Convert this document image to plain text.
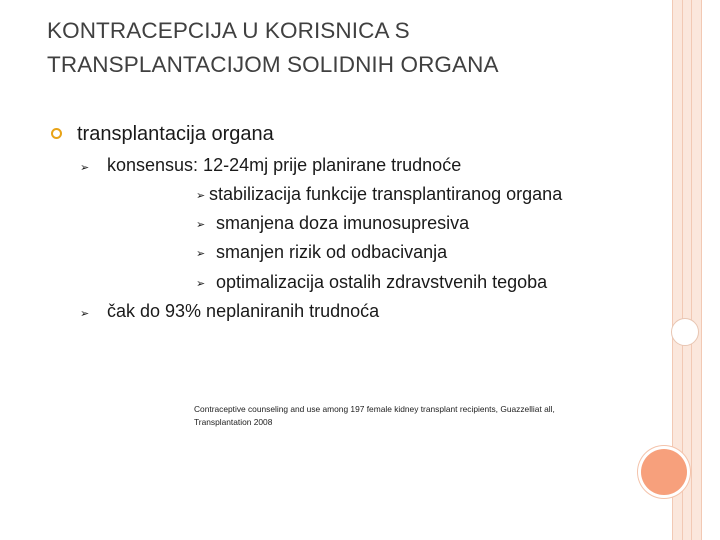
KONTRACEPCIJA U KORISNICA S
TRANSPLANTACIJOM SOLIDNIH ORGANA
transplantacija organa
➢ konsensus: 12-24mj prije planirane trudnoće
➢ stabilizacija funkcije transplantiranog organa
➢ smanjena doza imunosupresiva
➢ smanjen rizik od odbacivanja
➢ optimalizacija ostalih zdravstvenih tegoba
➢ čak do 93% neplaniranih trudnoća
Contraceptive counseling and use among 197 female kidney transplant recipients, Guazzelliat all,
Transplantation 2008
